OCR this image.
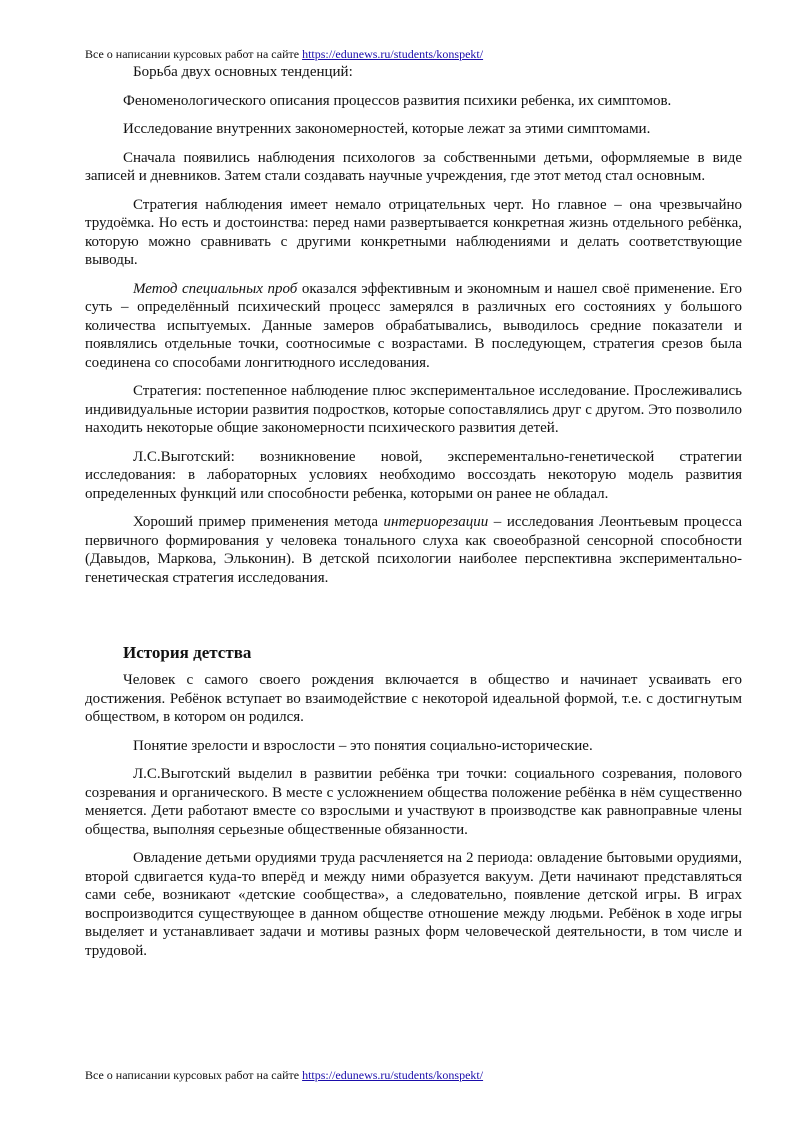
Все о написании курсовых работ на сайте https://edunews.ru/students/konspekt/

Борьба двух основных тенденций:

Феноменологического описания процессов развития психики ребенка, их симптомов.

Исследование внутренних закономерностей, которые лежат за этими симптомами.

Сначала появились наблюдения психологов за собственными детьми, оформляемые в виде записей и дневников. Затем стали создавать научные учреждения, где этот метод стал основным.

Стратегия наблюдения имеет немало отрицательных черт. Но главное – она чрезвычайно трудоёмка. Но есть и достоинства: перед нами развертывается конкретная жизнь отдельного ребёнка, которую можно сравнивать с другими конкретными наблюдениями и делать соответствующие выводы.

Метод специальных проб оказался эффективным и экономным и нашел своё применение. Его суть – определённый психический процесс замерялся в различных его состояниях у большого количества испытуемых. Данные замеров обрабатывались, выводилось средние показатели и появлялись отдельные точки, соотносимые с возрастами. В последующем, стратегия срезов была соединена со способами лонгитюдного исследования.

Стратегия: постепенное наблюдение плюс экспериментальное исследование. Прослеживались индивидуальные истории развития подростков, которые сопоставлялись друг с другом. Это позволило находить некоторые общие закономерности психического развития детей.

Л.С.Выготский: возникновение новой, эксперементально-генетической стратегии исследования: в лабораторных условиях необходимо воссоздать некоторую модель развития определенных функций или способности ребенка, которыми он ранее не обладал.

Хороший пример применения метода интериорезации – исследования Леонтьевым процесса первичного формирования у человека тонального слуха как своеобразной сенсорной способности (Давыдов, Маркова, Эльконин). В детской психологии наиболее перспективна экспериментально-генетическая стратегия исследования.

История детства

Человек с самого своего рождения включается в общество и начинает усваивать его достижения. Ребёнок вступает во взаимодействие с некоторой идеальной формой, т.е. с достигнутым обществом, в котором он родился.

Понятие зрелости и взрослости – это понятия социально-исторические.

Л.С.Выготский выделил в развитии ребёнка три точки: социального созревания, полового созревания и органического. В месте с усложнением общества положение ребёнка в нём существенно меняется. Дети работают вместе со взрослыми и участвуют в производстве как равноправные члены общества, выполняя серьезные общественные обязанности.

Овладение детьми орудиями труда расчленяется на 2 периода: овладение бытовыми орудиями, второй сдвигается куда-то вперёд и между ними образуется вакуум. Дети начинают представляться сами себе, возникают «детские сообщества», а следовательно, появление детской игры. В играх воспроизводится существующее в данном обществе отношение между людьми. Ребёнок в ходе игры выделяет и устанавливает задачи и мотивы разных форм человеческой деятельности, в том числе и трудовой.

Все о написании курсовых работ на сайте https://edunews.ru/students/konspekt/
